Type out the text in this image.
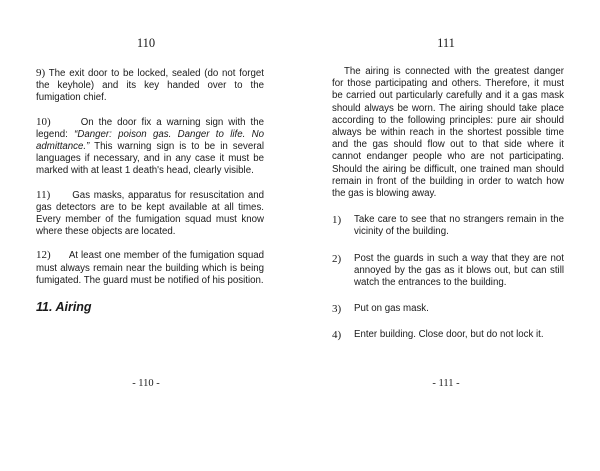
110
9) The exit door to be locked, sealed (do not forget the keyhole) and its key handed over to the fumigation chief.
10)	On the door fix a warning sign with the legend: “Danger: poison gas. Danger to life. No admittance.” This warning sign is to be in several languages if necessary, and in any case it must be marked with at least 1 death's head, clearly visible.
11) Gas masks, apparatus for resuscitation and gas detectors are to be kept available at all times. Every member of the fumigation squad must know where these objects are located.
12) At least one member of the fumigation squad must always remain near the building which is being fumigated. The guard must be notified of his position.
11. Airing
- 110 -
111
The airing is connected with the greatest danger for those participating and others. Therefore, it must be carried out particularly carefully and it a gas mask should always be worn. The airing should take place according to the following principles: pure air should always be within reach in the shortest possible time and the gas should flow out to that side where it cannot endanger people who are not participating. Should the airing be difficult, one trained man should remain in front of the building in order to watch how the gas is blowing away.
1) Take care to see that no strangers remain in the vicinity of the building.
2) Post the guards in such a way that they are not annoyed by the gas as it blows out, but can still watch the entrances to the building.
3) Put on gas mask.
4) Enter building. Close door, but do not lock it.
- 111 -
